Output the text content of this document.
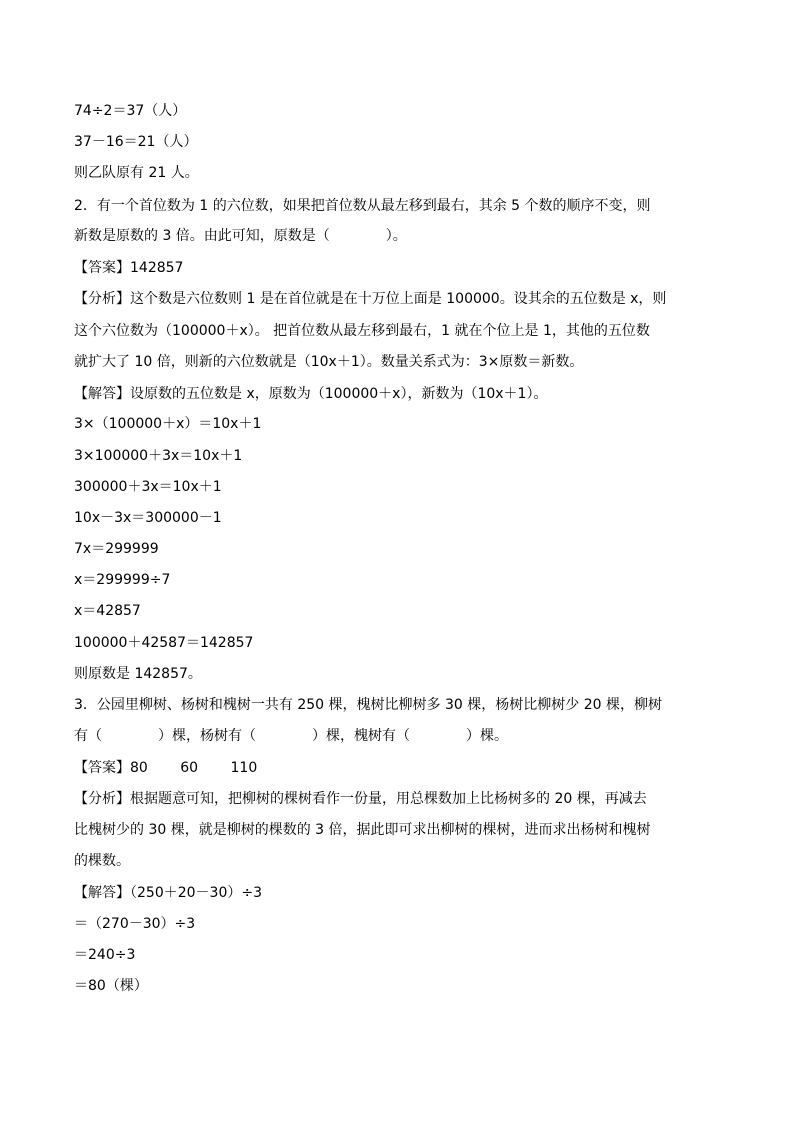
74÷2＝37（人）
37－16＝21（人）
则乙队原有 21 人。
2．有一个首位数为 1 的六位数，如果把首位数从最左移到最右，其余 5 个数的顺序不变，则
新数是原数的 3 倍。由此可知，原数是（　　　　）。
【答案】142857
【分析】这个数是六位数则 1 是在首位就是在十万位上面是 100000。设其余的五位数是 x，则
这个六位数为（100000＋x）。 把首位数从最左移到最右，1 就在个位上是 1，其他的五位数
就扩大了 10 倍，则新的六位数就是（10x＋1）。数量关系式为：3×原数＝新数。
【解答】设原数的五位数是 x，原数为（100000＋x），新数为（10x＋1）。
3×（100000＋x）＝10x＋1
3×100000＋3x＝10x＋1
300000＋3x＝10x＋1
10x－3x＝300000－1
7x＝299999
x＝299999÷7
x＝42857
100000＋42587＝142857
则原数是 142857。
3．公园里柳树、杨树和槐树一共有 250 棵，槐树比柳树多 30 棵，杨树比柳树少 20 棵，柳树
有（　　　　）棵，杨树有（　　　　）棵，槐树有（　　　　）棵。
【答案】80　　 60　　 110
【分析】根据题意可知，把柳树的棵树看作一份量，用总棵数加上比杨树多的 20 棵，再减去
比槐树少的 30 棵，就是柳树的棵数的 3 倍，据此即可求出柳树的棵树，进而求出杨树和槐树
的棵数。
【解答】（250＋20－30）÷3
＝（270－30）÷3
＝240÷3
＝80（棵）
